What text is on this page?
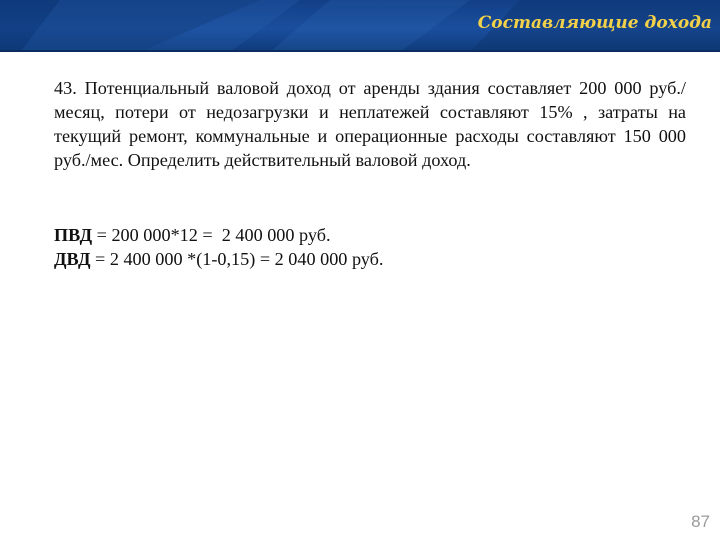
Составляющие дохода

43. Потенциальный валовой доход от аренды здания составляет 200 000 руб./месяц, потери от недозагрузки и неплатежей составляют 15% , затраты на текущий ремонт, коммунальные и операционные расходы составляют 150 000 руб./мес. Определить действительный валовой доход.

ПВД = 200 000*12 =  2 400 000 руб.
ДВД = 2 400 000 *(1-0,15) = 2 040 000 руб.
87
